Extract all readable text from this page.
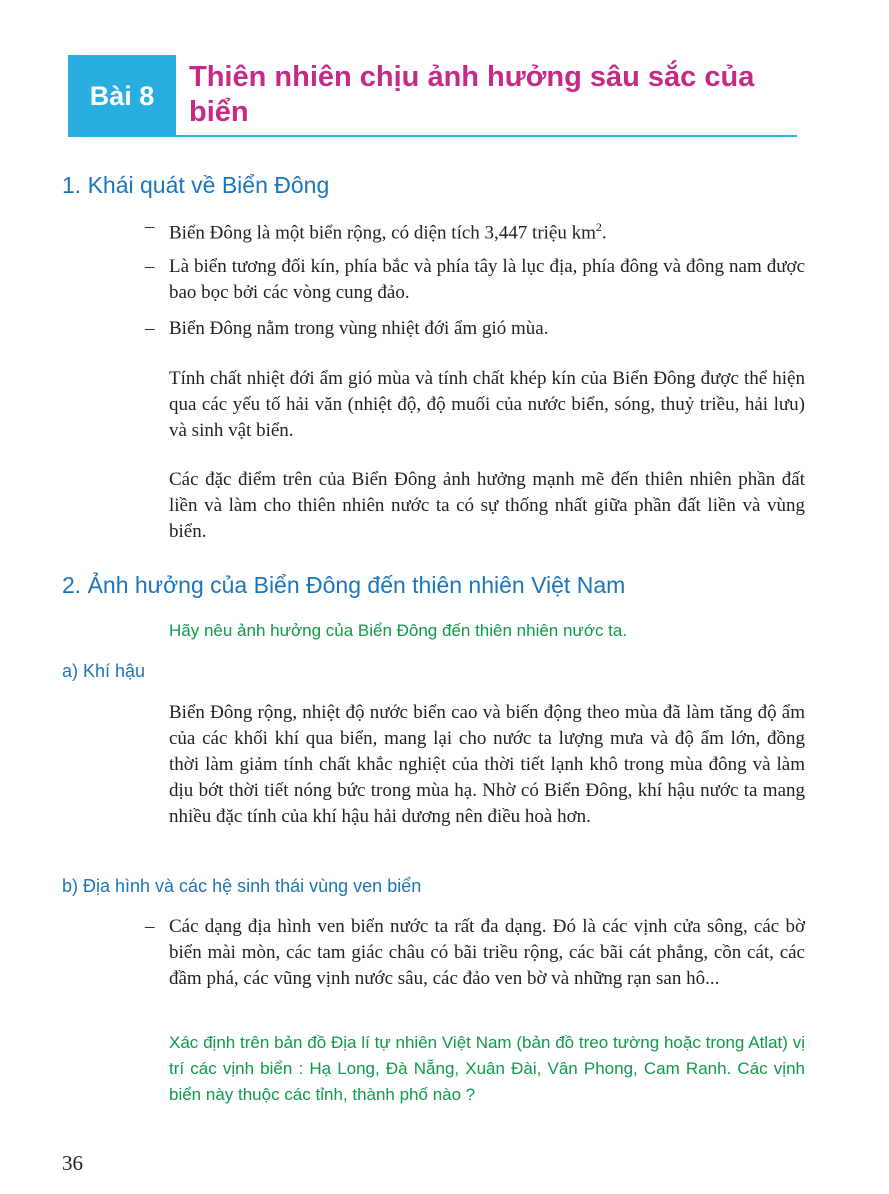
Bài 8
Thiên nhiên chịu ảnh hưởng sâu sắc của biển
1. Khái quát về Biển Đông
– Biển Đông là một biển rộng, có diện tích 3,447 triệu $km^2$.
– Là biển tương đối kín, phía bắc và phía tây là lục địa, phía đông và đông nam được bao bọc bởi các vòng cung đảo.
– Biển Đông nằm trong vùng nhiệt đới ẩm gió mùa.

Tính chất nhiệt đới ẩm gió mùa và tính chất khép kín của Biển Đông được thể hiện qua các yếu tố hải văn (nhiệt độ, độ muối của nước biển, sóng, thuỷ triều, hải lưu) và sinh vật biển.

Các đặc điểm trên của Biển Đông ảnh hưởng mạnh mẽ đến thiên nhiên phần đất liền và làm cho thiên nhiên nước ta có sự thống nhất giữa phần đất liền và vùng biển.

2. Ảnh hưởng của Biển Đông đến thiên nhiên Việt Nam

Hãy nêu ảnh hưởng của Biển Đông đến thiên nhiên nước ta.

a) Khí hậu

Biển Đông rộng, nhiệt độ nước biển cao và biến động theo mùa đã làm tăng độ ẩm của các khối khí qua biển, mang lại cho nước ta lượng mưa và độ ẩm lớn, đồng thời làm giảm tính chất khắc nghiệt của thời tiết lạnh khô trong mùa đông và làm dịu bớt thời tiết nóng bức trong mùa hạ. Nhờ có Biển Đông, khí hậu nước ta mang nhiều đặc tính của khí hậu hải dương nên điều hoà hơn.

b) Địa hình và các hệ sinh thái vùng ven biển
– Các dạng địa hình ven biển nước ta rất đa dạng. Đó là các vịnh cửa sông, các bờ biển mài mòn, các tam giác châu có bãi triều rộng, các bãi cát phẳng, cồn cát, các đầm phá, các vũng vịnh nước sâu, các đảo ven bờ và những rạn san hô...

Xác định trên bản đồ Địa lí tự nhiên Việt Nam (bản đồ treo tường hoặc trong Atlat) vị trí các vịnh biển : Hạ Long, Đà Nẵng, Xuân Đài, Vân Phong, Cam Ranh. Các vịnh biển này thuộc các tỉnh, thành phố nào ?

36
